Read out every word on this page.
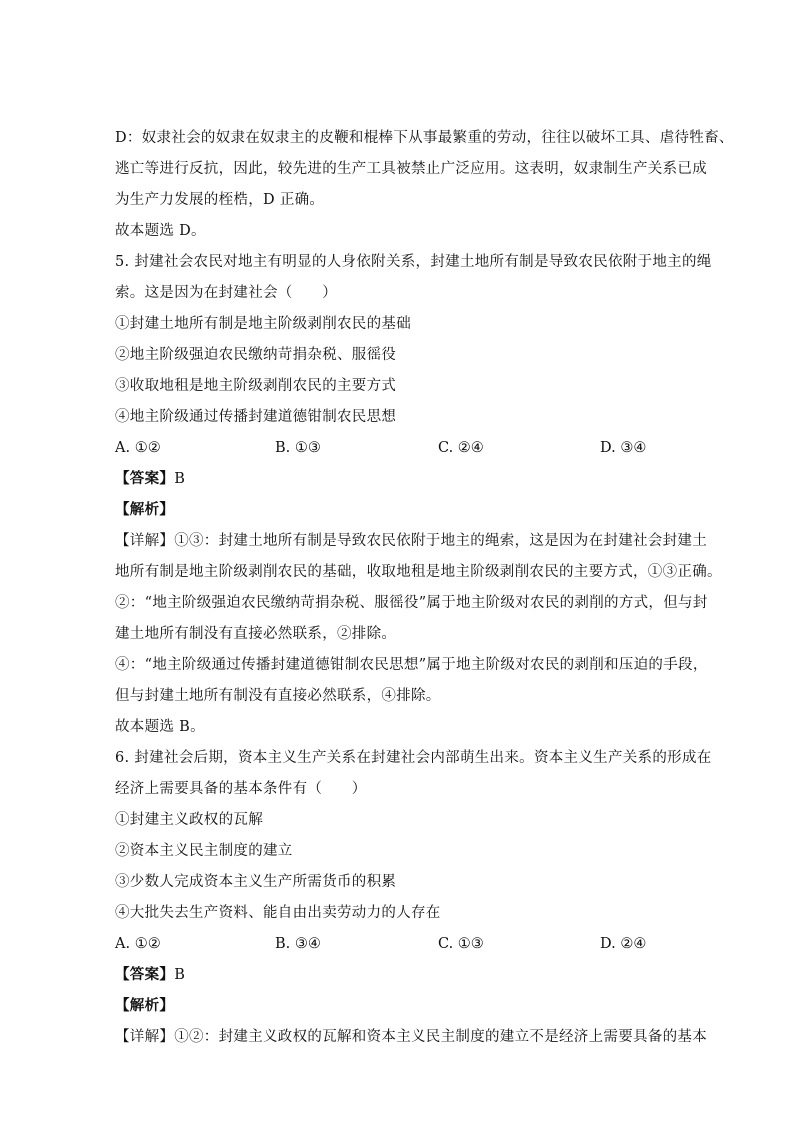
D：奴隶社会的奴隶在奴隶主的皮鞭和棍棒下从事最繁重的劳动，往往以破坏工具、虐待牲畜、
逃亡等进行反抗，因此，较先进的生产工具被禁止广泛应用。这表明，奴隶制生产关系已成
为生产力发展的桎梏，D 正确。
故本题选 D。
5. 封建社会农民对地主有明显的人身依附关系，封建土地所有制是导致农民依附于地主的绳
索。这是因为在封建社会（　　）
①封建土地所有制是地主阶级剥削农民的基础
②地主阶级强迫农民缴纳苛捐杂税、服徭役
③收取地租是地主阶级剥削农民的主要方式
④地主阶级通过传播封建道德钳制农民思想
A. ①②	B. ①③	C. ②④	D. ③④
【答案】B
【解析】
【详解】①③：封建土地所有制是导致农民依附于地主的绳索，这是因为在封建社会封建土
地所有制是地主阶级剥削农民的基础，收取地租是地主阶级剥削农民的主要方式，①③正确。
②：“地主阶级强迫农民缴纳苛捐杂税、服徭役”属于地主阶级对农民的剥削的方式，但与封
建土地所有制没有直接必然联系，②排除。
④：“地主阶级通过传播封建道德钳制农民思想”属于地主阶级对农民的剥削和压迫的手段，
但与封建土地所有制没有直接必然联系，④排除。
故本题选 B。
6. 封建社会后期，资本主义生产关系在封建社会内部萌生出来。资本主义生产关系的形成在
经济上需要具备的基本条件有（　　）
①封建主义政权的瓦解
②资本主义民主制度的建立
③少数人完成资本主义生产所需货币的积累
④大批失去生产资料、能自由出卖劳动力的人存在
A. ①②	B. ③④	C. ①③	D. ②④
【答案】B
【解析】
【详解】①②：封建主义政权的瓦解和资本主义民主制度的建立不是经济上需要具备的基本
